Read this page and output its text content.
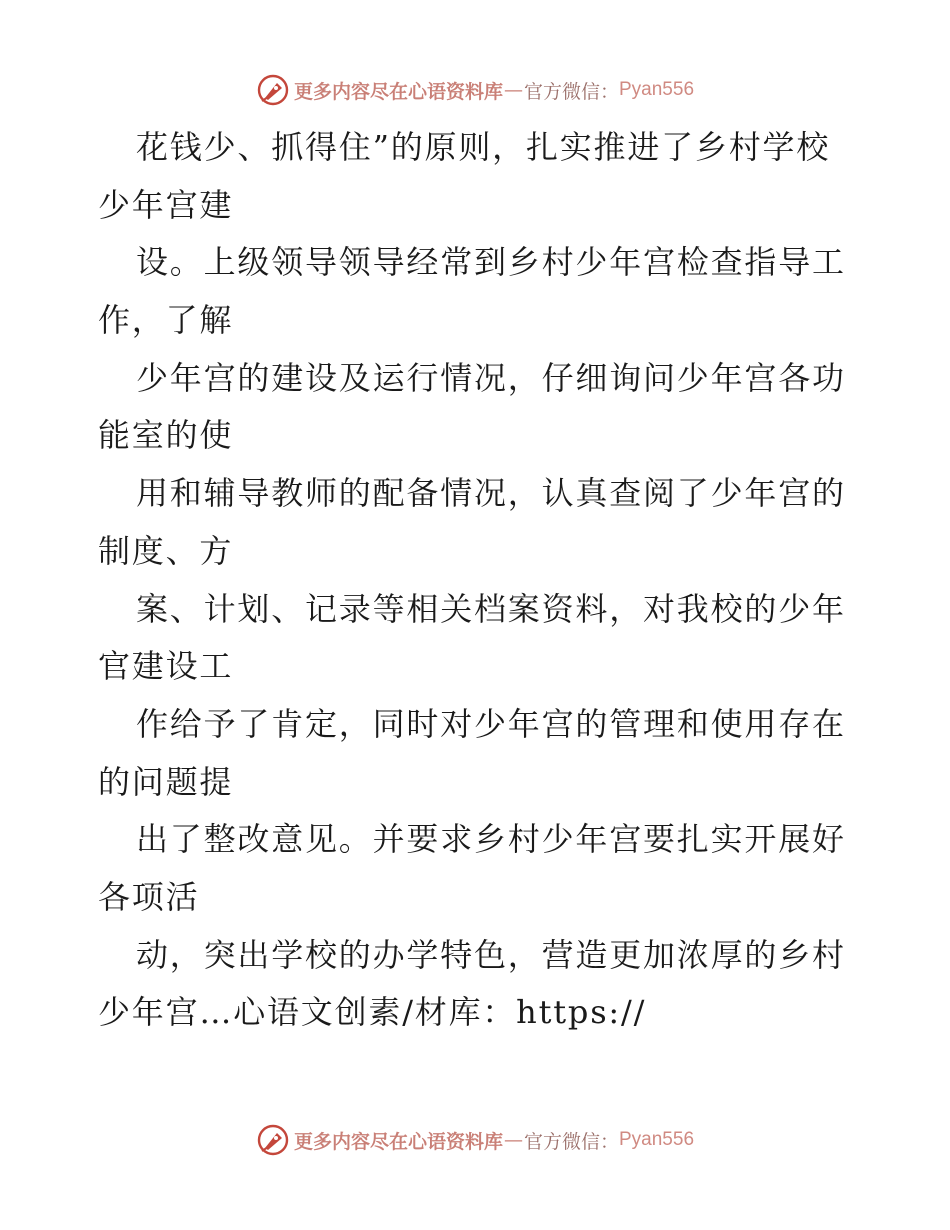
更多内容尽在心语资料库 — 官方微信： Pyan556
花钱少、抓得住”的原则，扎实推进了乡村学校
少年宫建
设。上级领导领导经常到乡村少年宫检查指导工
作，了解
少年宫的建设及运行情况，仔细询问少年宫各功
能室的使
用和辅导教师的配备情况，认真查阅了少年宫的
制度、方
案、计划、记录等相关档案资料，对我校的少年
官建设工
作给予了肯定，同时对少年宫的管理和使用存在
的问题提
出了整改意见。并要求乡村少年宫要扎实开展好
各项活
动，突出学校的办学特色，营造更加浓厚的乡村
少年宫…心语文创素/材库：https://
更多内容尽在心语资料库 — 官方微信： Pyan556
